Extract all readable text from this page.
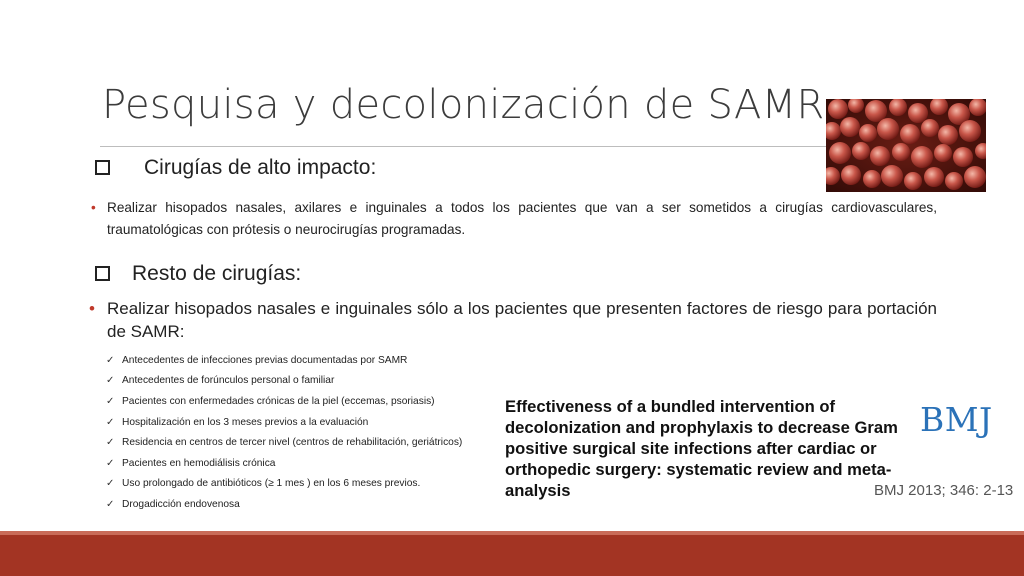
Pesquisa y decolonización de SAMR
Cirugías de alto impacto:
• Realizar hisopados nasales, axilares e inguinales a todos los pacientes que van a ser sometidos a cirugías cardiovasculares, traumatológicas con prótesis o neurocirugías programadas.
Resto de cirugías:
• Realizar hisopados nasales e inguinales sólo a los pacientes que presenten factores de riesgo para portación de SAMR:
✓ Antecedentes de infecciones previas documentadas por SAMR
✓ Antecedentes de forúnculos personal o familiar
✓ Pacientes con enfermedades crónicas de la piel (eccemas, psoriasis)
✓ Hospitalización en los 3 meses previos a la evaluación
✓ Residencia en centros de tercer nivel (centros de rehabilitación, geriátricos)
✓ Pacientes en hemodiálisis crónica
✓ Uso prolongado de antibióticos (≥ 1 mes ) en los 6 meses previos.
✓ Drogadicción endovenosa
Effectiveness of a bundled intervention of decolonization and prophylaxis to decrease Gram positive surgical site infections after cardiac or orthopedic surgery: systematic review and meta-analysis
BMJ
BMJ 2013; 346: 2-13
